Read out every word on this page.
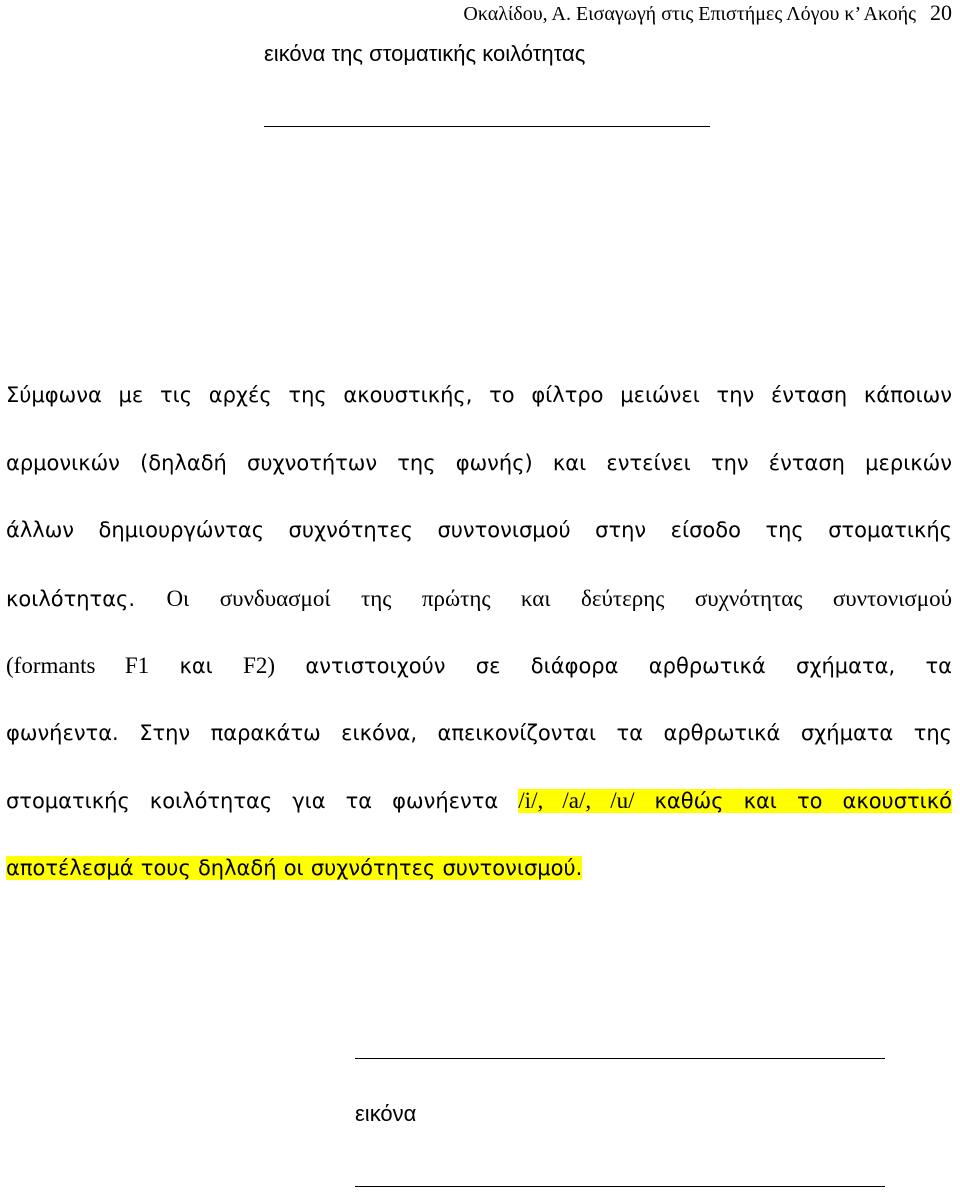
Οκαλίδου, Α. Εισαγωγή στις Επιστήμες Λόγου κ’ Ακοής 20
εικόνα της στοματικής κοιλότητας
Σύμφωνα με τις αρχές της ακουστικής, το φίλτρο μειώνει την ένταση κάποιων
αρμονικών (δηλαδή συχνοτήτων της φωνής) και εντείνει την ένταση μερικών
άλλων δημιουργώντας συχνότητες συντονισμού στην είσοδο της στοματικής
κοιλότητας. Οι συνδυασμοί της πρώτης και δεύτερης συχνότητας συντονισμού
(formants F1 και F2) αντιστοιχούν σε διάφορα αρθρωτικά σχήματα, τα
φωνήεντα. Στην παρακάτω εικόνα, απεικονίζονται τα αρθρωτικά σχήματα της
στοματικής κοιλότητας για τα φωνήεντα /i/, /a/, /u/ καθώς και το ακουστικό
αποτέλεσμά τους δηλαδή οι συχνότητες συντονισμού.
εικόνα
